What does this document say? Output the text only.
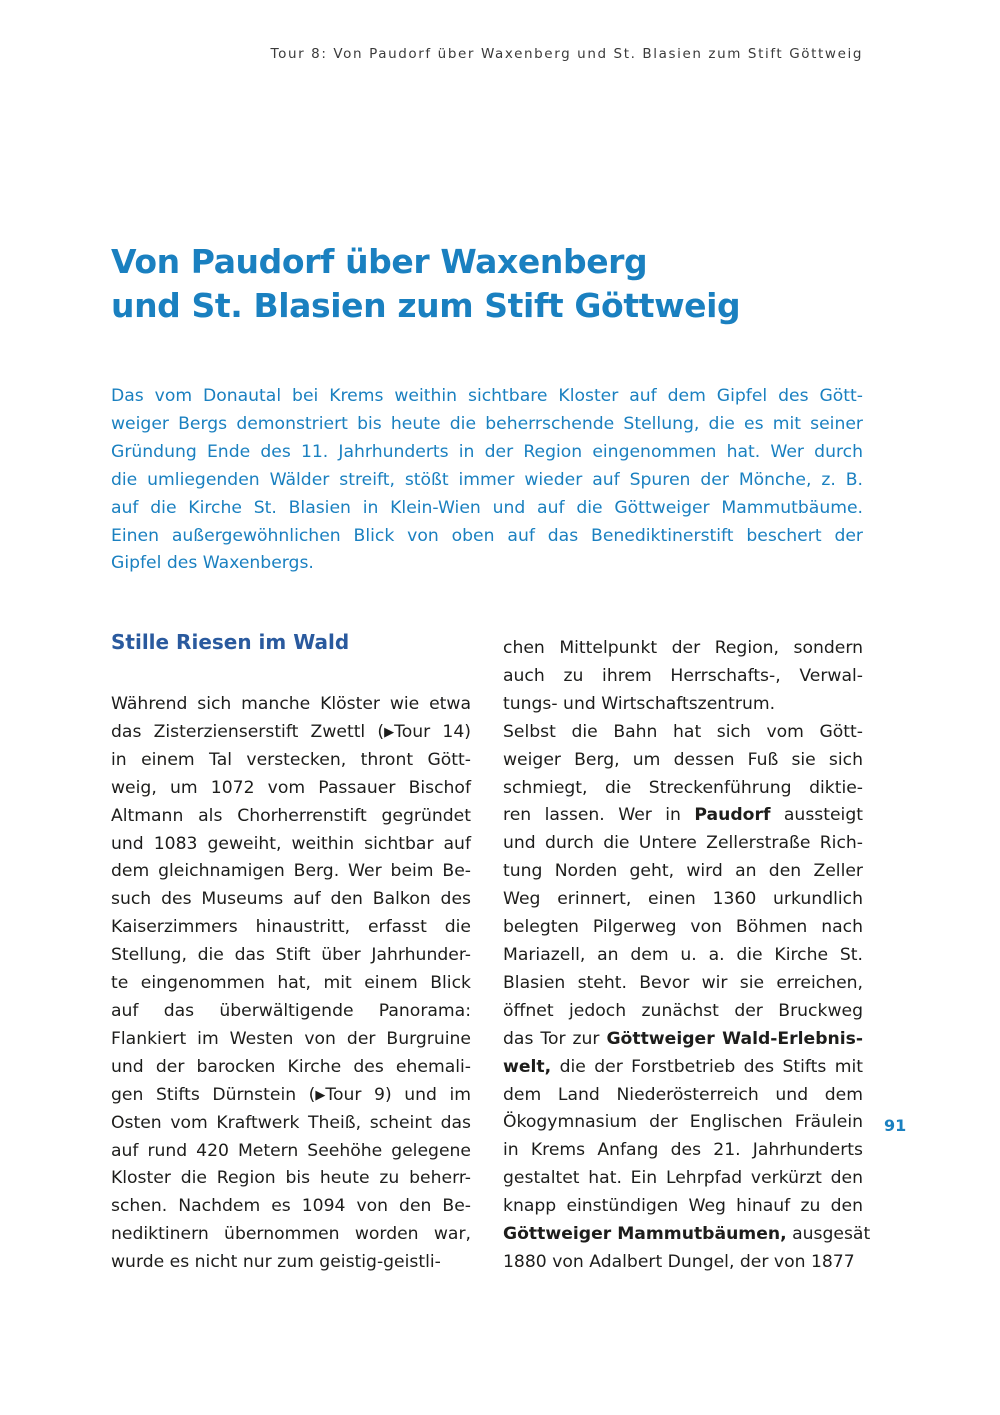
Tour 8: Von Paudorf über Waxenberg und St. Blasien zum Stift Göttweig
Von Paudorf über Waxenberg
und St. Blasien zum Stift Göttweig
Das vom Donautal bei Krems weithin sichtbare Kloster auf dem Gipfel des Gött-
weiger Bergs demonstriert bis heute die beherrschende Stellung, die es mit seiner
Gründung Ende des 11. Jahrhunderts in der Region eingenommen hat. Wer durch
die umliegenden Wälder streift, stößt immer wieder auf Spuren der Mönche, z. B.
auf die Kirche St. Blasien in Klein-Wien und auf die Göttweiger Mammutbäume.
Einen außergewöhnlichen Blick von oben auf das Benediktinerstift beschert der
Gipfel des Waxenbergs.
Stille Riesen im Wald
Während sich manche Klöster wie etwa
das Zisterzienserstift Zwettl (▶Tour 14)
in einem Tal verstecken, thront Gött-
weig, um 1072 vom Passauer Bischof
Altmann als Chorherrenstift gegründet
und 1083 geweiht, weithin sichtbar auf
dem gleichnamigen Berg. Wer beim Be-
such des Museums auf den Balkon des
Kaiserzimmers hinaustritt, erfasst die
Stellung, die das Stift über Jahrhunder-
te eingenommen hat, mit einem Blick
auf das überwältigende Panorama:
Flankiert im Westen von der Burgruine
und der barocken Kirche des ehemali-
gen Stifts Dürnstein (▶Tour 9) und im
Osten vom Kraftwerk Theiß, scheint das
auf rund 420 Metern Seehöhe gelegene
Kloster die Region bis heute zu beherr-
schen. Nachdem es 1094 von den Be-
nediktinern übernommen worden war,
wurde es nicht nur zum geistig-geistli-
chen Mittelpunkt der Region, sondern
auch zu ihrem Herrschafts-, Verwal-
tungs- und Wirtschaftszentrum.
Selbst die Bahn hat sich vom Gött-
weiger Berg, um dessen Fuß sie sich
schmiegt, die Streckenführung diktie-
ren lassen. Wer in Paudorf aussteigt
und durch die Untere Zellerstraße Rich-
tung Norden geht, wird an den Zeller
Weg erinnert, einen 1360 urkundlich
belegten Pilgerweg von Böhmen nach
Mariazell, an dem u. a. die Kirche St.
Blasien steht. Bevor wir sie erreichen,
öffnet jedoch zunächst der Bruckweg
das Tor zur Göttweiger Wald-Erlebnis-
welt, die der Forstbetrieb des Stifts mit
dem Land Niederösterreich und dem
Ökogymnasium der Englischen Fräulein
in Krems Anfang des 21. Jahrhunderts
gestaltet hat. Ein Lehrpfad verkürzt den
knapp einstündigen Weg hinauf zu den
Göttweiger Mammutbäumen, ausgesät
1880 von Adalbert Dungel, der von 1877
91
